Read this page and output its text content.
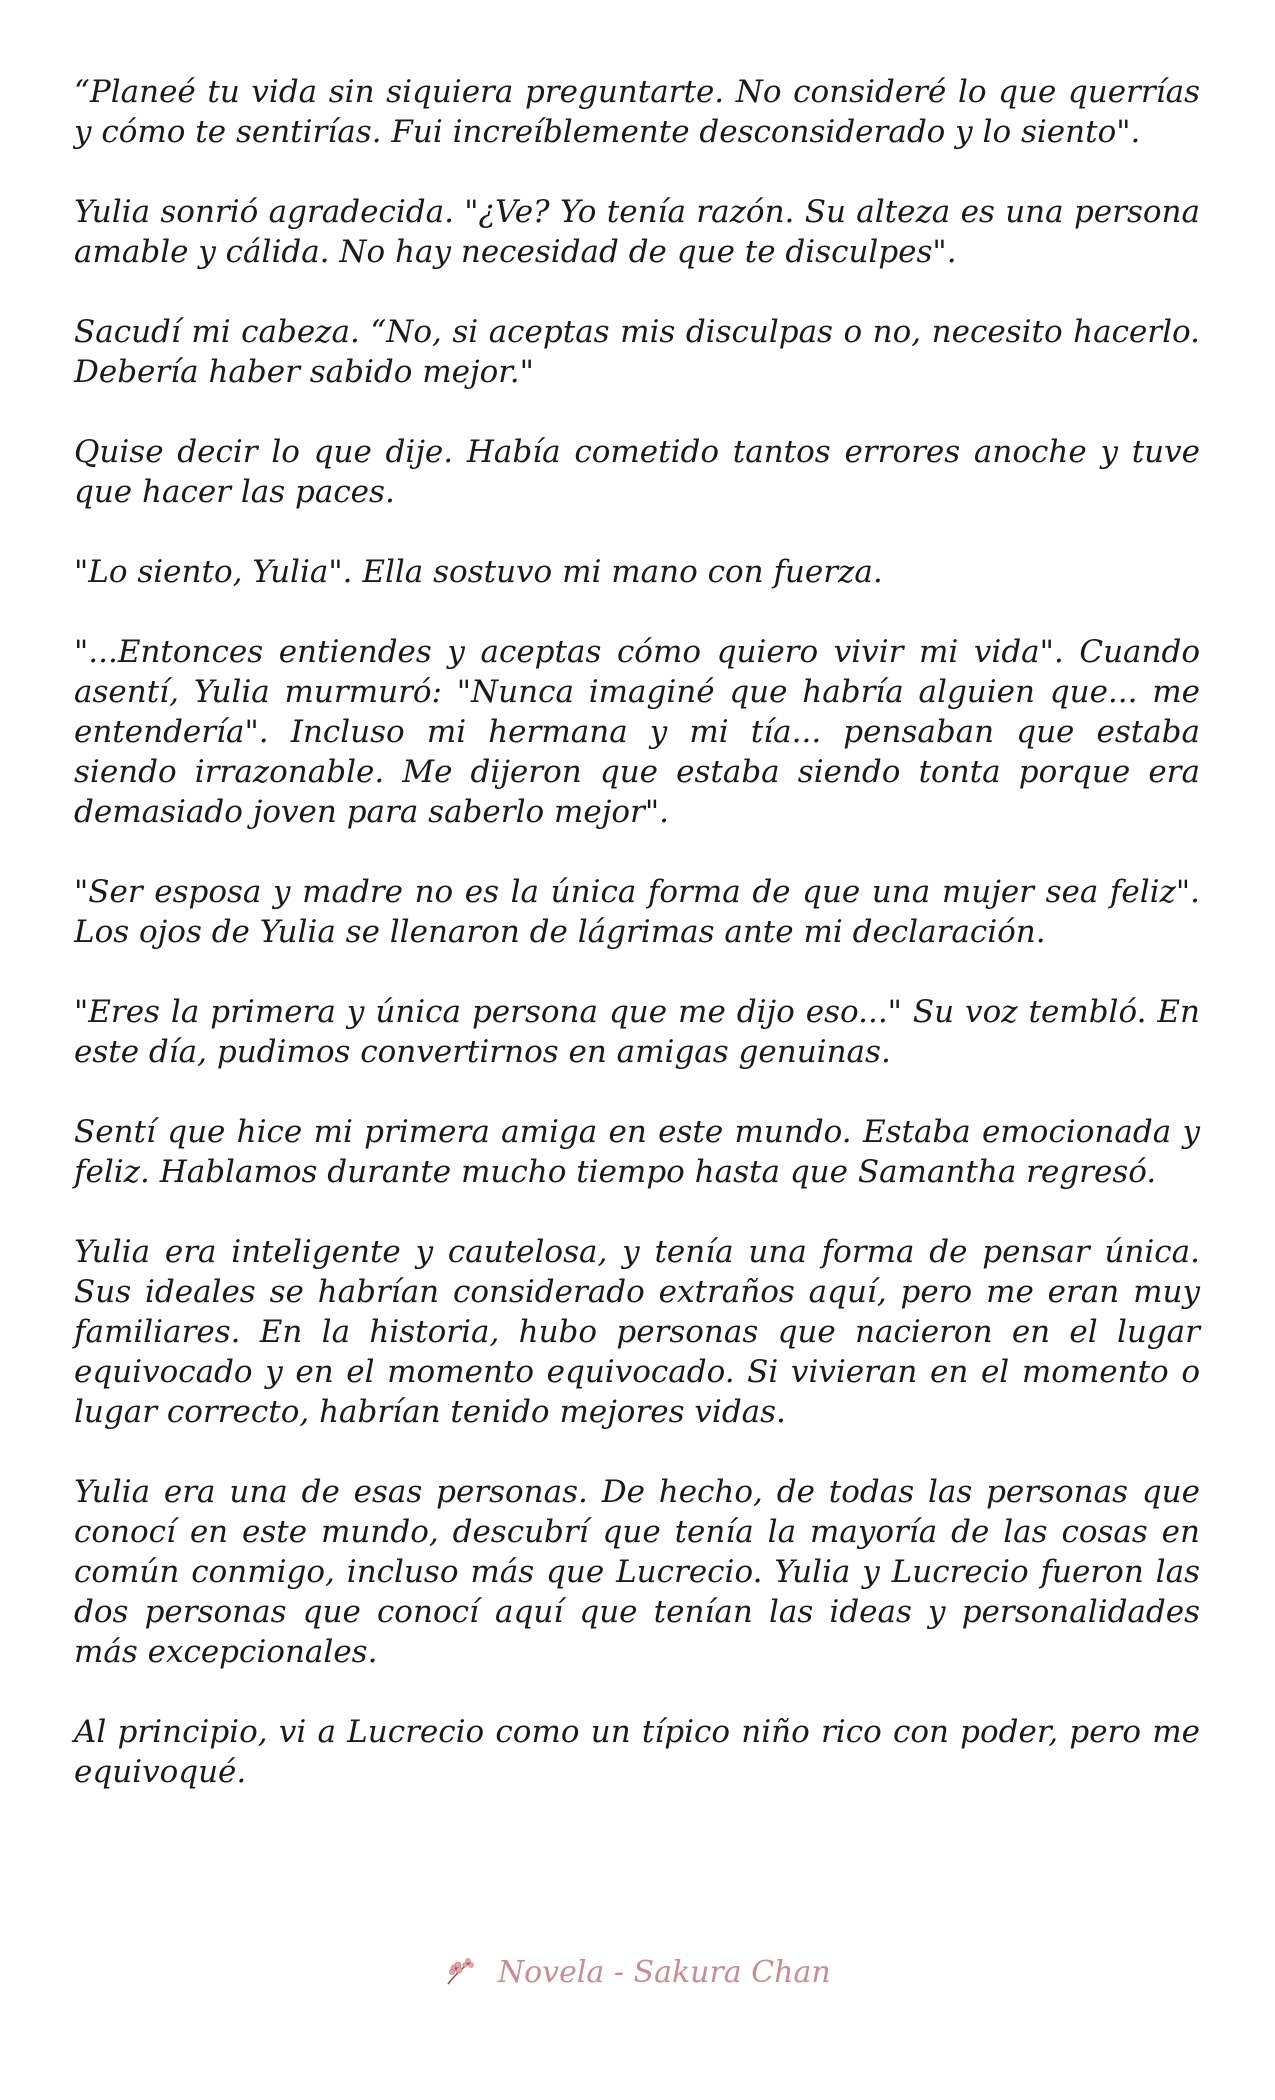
“Planeé tu vida sin siquiera preguntarte. No consideré lo que querrías y cómo te sentirías. Fui increíblemente desconsiderado y lo siento".

Yulia sonrió agradecida. "¿Ve? Yo tenía razón. Su alteza es una persona amable y cálida. No hay necesidad de que te disculpes".

Sacudí mi cabeza. “No, si aceptas mis disculpas o no, necesito hacerlo. Debería haber sabido mejor."

Quise decir lo que dije. Había cometido tantos errores anoche y tuve que hacer las paces.

"Lo siento, Yulia". Ella sostuvo mi mano con fuerza.

"...Entonces entiendes y aceptas cómo quiero vivir mi vida". Cuando asentí, Yulia murmuró: "Nunca imaginé que habría alguien que... me entendería". Incluso mi hermana y mi tía... pensaban que estaba siendo irrazonable. Me dijeron que estaba siendo tonta porque era demasiado joven para saberlo mejor".

"Ser esposa y madre no es la única forma de que una mujer sea feliz". Los ojos de Yulia se llenaron de lágrimas ante mi declaración.

"Eres la primera y única persona que me dijo eso..." Su voz tembló. En este día, pudimos convertirnos en amigas genuinas.

Sentí que hice mi primera amiga en este mundo. Estaba emocionada y feliz. Hablamos durante mucho tiempo hasta que Samantha regresó.

Yulia era inteligente y cautelosa, y tenía una forma de pensar única. Sus ideales se habrían considerado extraños aquí, pero me eran muy familiares. En la historia, hubo personas que nacieron en el lugar equivocado y en el momento equivocado. Si vivieran en el momento o lugar correcto, habrían tenido mejores vidas.

Yulia era una de esas personas. De hecho, de todas las personas que conocí en este mundo, descubrí que tenía la mayoría de las cosas en común conmigo, incluso más que Lucrecio. Yulia y Lucrecio fueron las dos personas que conocí aquí que tenían las ideas y personalidades más excepcionales.

Al principio, vi a Lucrecio como un típico niño rico con poder, pero me equivoqué.

Novela - Sakura Chan
